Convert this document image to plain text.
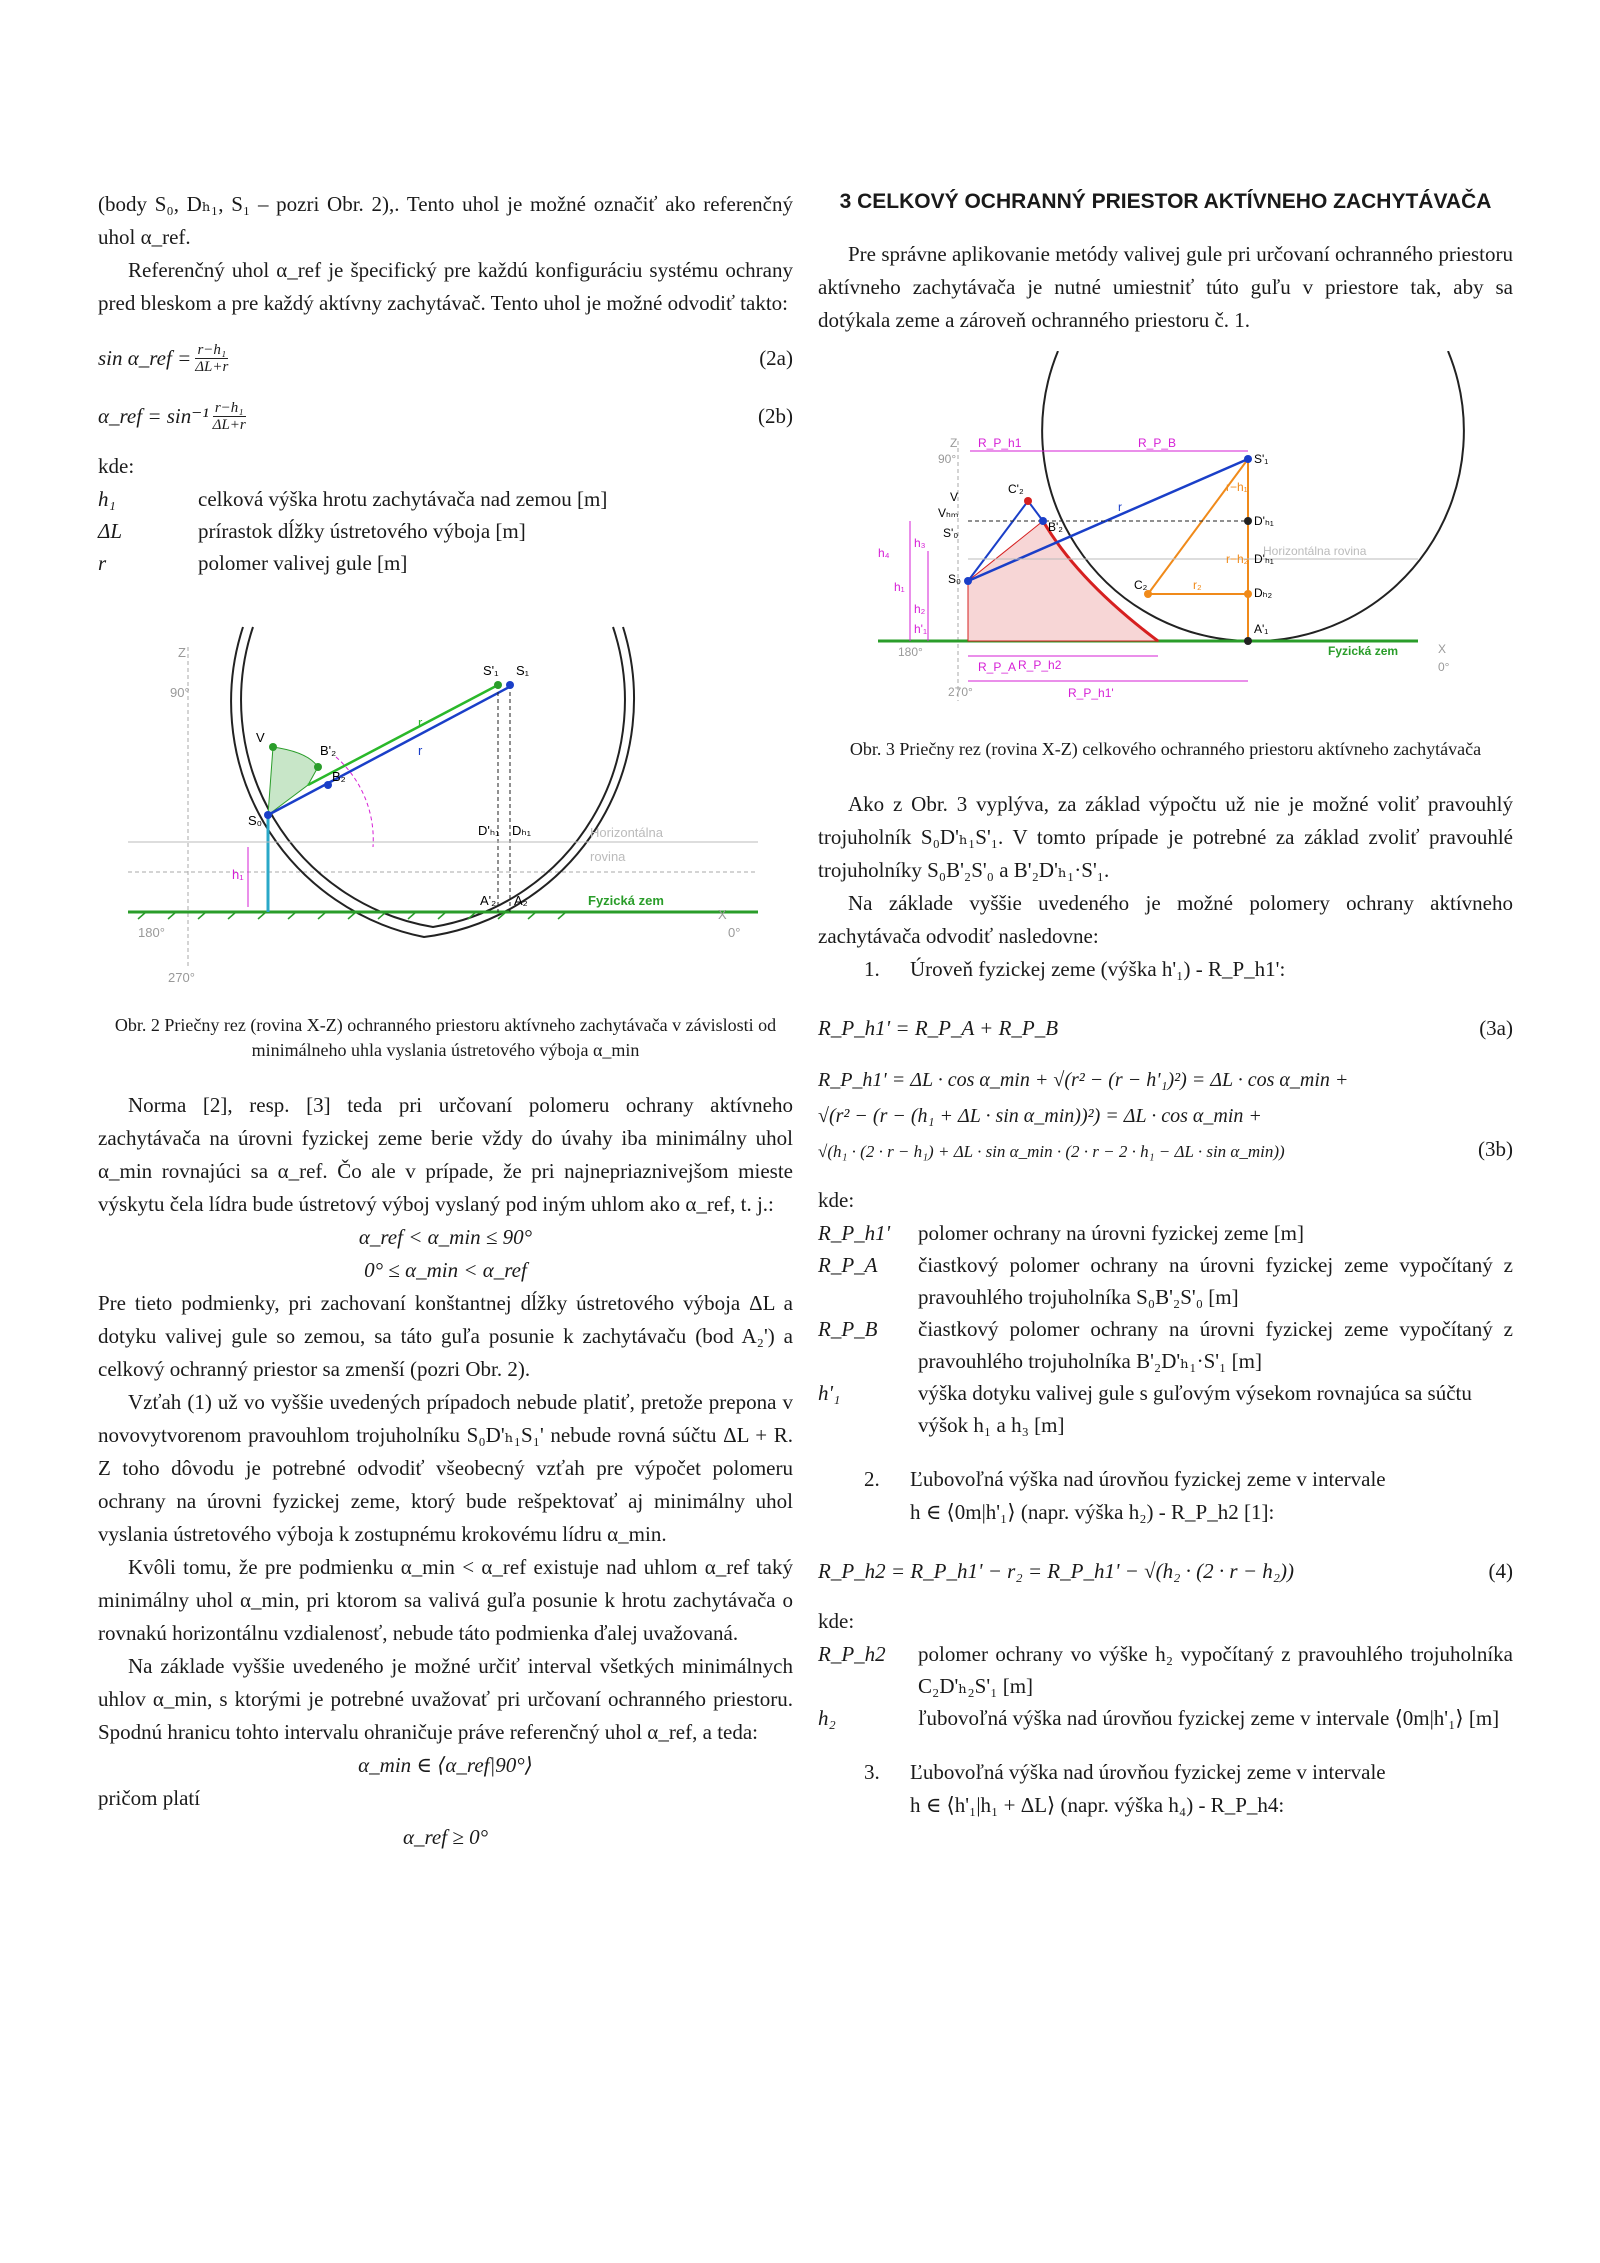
(body S₀, Dₕ₁, S₁ – pozri Obr. 2),. Tento uhol je možné označiť ako referenčný uhol α_ref.

Referenčný uhol α_ref je špecifický pre každú konfiguráciu systému ochrany pred bleskom a pre každý aktívny zachytávač. Tento uhol je možné odvodiť takto:

sin α_ref = $\frac{\text{r−h₁}}{\Delta L+r}$	(2a)
α_ref = $\sin^{-1} \frac{\text{r−h₁}}{\Delta L+r}$	(2b)

kde:

h₁	celková výška hrotu zachytávača nad zemou [m]
ΔL	prírastok dĺžky ústretového výboja [m]
r	polomer valivej gule [m]
Z
90°
180°
270°
0°
X
S'₁ S₁
V
B'₂
B₂
S₀
D'ₕ₁ Dₕ₁
A'₂ A₂
h₁
r
r
Horizontálna
rovina
Fyzická zem

Obr. 2 Priečny rez (rovina X-Z) ochranného priestoru aktívneho zachytávača v závislosti od minimálneho uhla vyslania ústretového výboja α_min

Norma [2], resp. [3] teda pri určovaní polomeru ochrany aktívneho zachytávača na úrovni fyzickej zeme berie vždy do úvahy iba minimálny uhol α_min rovnajúci sa α_ref. Čo ale v prípade, že pri najnepriaznivejšom mieste výskytu čela lídra bude ústretový výboj vyslaný pod iným uhlom ako α_ref, t. j.:

α_ref < α_min ≤ 90°

0° ≤ α_min < α_ref

Pre tieto podmienky, pri zachovaní konštantnej dĺžky ústretového výboja ΔL a dotyku valivej gule so zemou, sa táto guľa posunie k zachytávaču (bod A₂') a celkový ochranný priestor sa zmenší (pozri Obr. 2).

Vzťah (1) už vo vyššie uvedených prípadoch nebude platiť, pretože prepona v novovytvorenom pravouhlom trojuholníku S₀D'ₕ₁S₁' nebude rovná súčtu ΔL + R. Z toho dôvodu je potrebné odvodiť všeobecný vzťah pre výpočet polomeru ochrany na úrovni fyzickej zeme, ktorý bude rešpektovať aj minimálny uhol vyslania ústretového výboja k zostupnému krokovému lídru α_min.

Kvôli tomu, že pre podmienku α_min < α_ref existuje nad uhlom α_ref taký minimálny uhol α_min, pri ktorom sa valivá guľa posunie k hrotu zachytávača o rovnakú horizontálnu vzdialenosť, nebude táto podmienka ďalej uvažovaná.

Na základe vyššie uvedeného je možné určiť interval všetkých minimálnych uhlov α_min, s ktorými je potrebné uvažovať pri určovaní ochranného priestoru. Spodnú hranicu tohto intervalu ohraničuje práve referenčný uhol α_ref, a teda:

α_min ∈ ⟨α_ref|90°⟩

pričom platí

α_ref ≥ 0°

3 CELKOVÝ OCHRANNÝ PRIESTOR AKTÍVNEHO ZACHYTÁVAČA

Pre správne aplikovanie metódy valivej gule pri určovaní ochranného priestoru aktívneho zachytávača je nutné umiestniť túto guľu v priestore tak, aby sa dotýkala zeme a zároveň ochranného priestoru č. 1.

Z
90°
180°
270°
0°
X
R_P_h1	R_P_B
S'₁
V
Vₕₘ
C'₂
B'₂
S'₀
S₀
D'ₕ₁
D'ₕ₁
C₂
Dₕ₂
A'₁
r
r₂
r−h₁
r−h₂
h₁
h₂
h₃
h₄
h'₁
R_P_A R_P_h2
R_P_h1'
Horizontálna rovina
Fyzická zem

Obr. 3 Priečny rez (rovina X-Z) celkového ochranného priestoru aktívneho zachytávača

Ako z Obr. 3 vyplýva, za základ výpočtu už nie je možné voliť pravouhlý trojuholník S₀D'ₕ₁S'₁. V tomto prípade je potrebné za základ zvoliť pravouhlé trojuholníky S₀B'₂S'₀ a B'₂D'ₕ₁·S'₁.

Na základe vyššie uvedeného je možné polomery ochrany aktívneho zachytávača odvodiť nasledovne:

1. Úroveň fyzickej zeme (výška h'₁) - R_P_h1':

R_P_h1' = R_P_A + R_P_B	(3a)

R_P_h1' = ΔL · cos α_min + √(r² − (r − h'₁)²) = ΔL · cos α_min +

√(r² − (r − (h₁ + ΔL · sin α_min))²) = ΔL · cos α_min +

√(h₁ · (2 · r − h₁) + ΔL · sin α_min · (2 · r − 2 · h₁ − ΔL · sin α_min))	(3b)

kde:

R_P_h1'	polomer ochrany na úrovni fyzickej zeme [m]
R_P_A	čiastkový polomer ochrany na úrovni fyzickej zeme vypočítaný z pravouhlého trojuholníka S₀B'₂S'₀ [m]
R_P_B	čiastkový polomer ochrany na úrovni fyzickej zeme vypočítaný z pravouhlého trojuholníka B'₂D'ₕ₁·S'₁ [m]
h'₁	výška dotyku valivej gule s guľovým výsekom rovnajúca sa súčtu výšok h₁ a h₃ [m]

2. Ľubovoľná výška nad úrovňou fyzickej zeme v intervale

h ∈ ⟨0m|h'₁⟩ (napr. výška h₂) - R_P_h2 [1]:

R_P_h2 = R_P_h1' − r₂ = R_P_h1' − √(h₂ · (2 · r − h₂))	(4)

kde:

R_P_h2	polomer ochrany vo výške h₂ vypočítaný z pravouhlého trojuholníka C₂D'ₕ₂S'₁ [m]
h₂	ľubovoľná výška nad úrovňou fyzickej zeme v intervale ⟨0m|h'₁⟩ [m]

3. Ľubovoľná výška nad úrovňou fyzickej zeme v intervale

h ∈ ⟨h'₁|h₁ + ΔL⟩ (napr. výška h₄) - R_P_h4:
